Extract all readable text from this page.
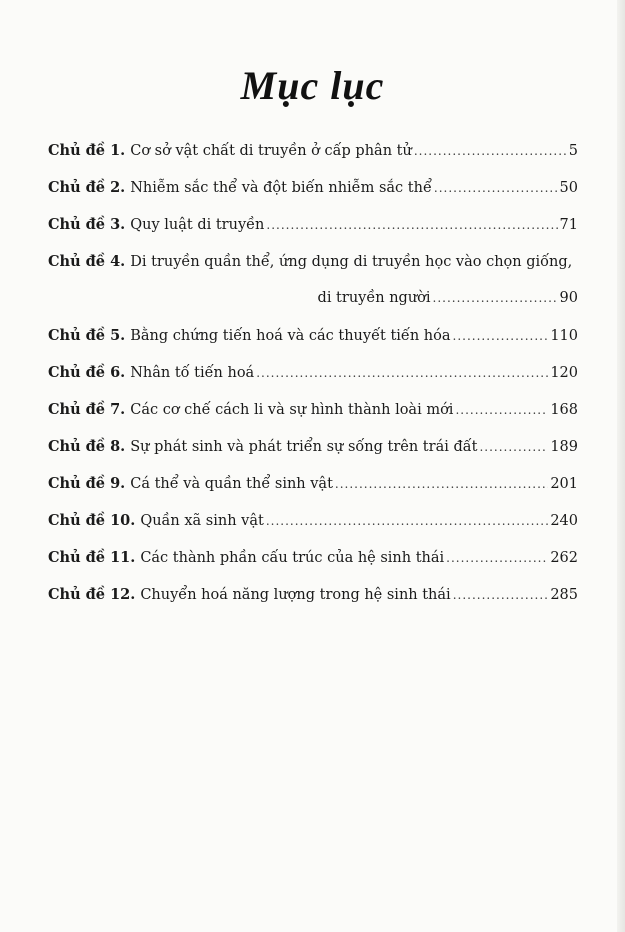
Mục lục
Chủ đề 1. Cơ sở vật chất di truyền ở cấp phân tử .....	5
Chủ đề 2. Nhiễm sắc thể và đột biến nhiễm sắc thể .....	50
Chủ đề 3. Quy luật di truyền .....	71
Chủ đề 4. Di truyền quần thể, ứng dụng di truyền học vào chọn giống,
di truyền người .....	90
Chủ đề 5. Bằng chứng tiến hoá và các thuyết tiến hóa .....	110
Chủ đề 6. Nhân tố tiến hoá .....	120
Chủ đề 7. Các cơ chế cách li và sự hình thành loài mới .....	168
Chủ đề 8. Sự phát sinh và phát triển sự sống trên trái đất .....	189
Chủ đề 9. Cá thể và quần thể sinh vật .....	201
Chủ đề 10. Quần xã sinh vật .....	240
Chủ đề 11. Các thành phần cấu trúc của hệ sinh thái .....	262
Chủ đề 12. Chuyển hoá năng lượng trong hệ sinh thái .....	285
